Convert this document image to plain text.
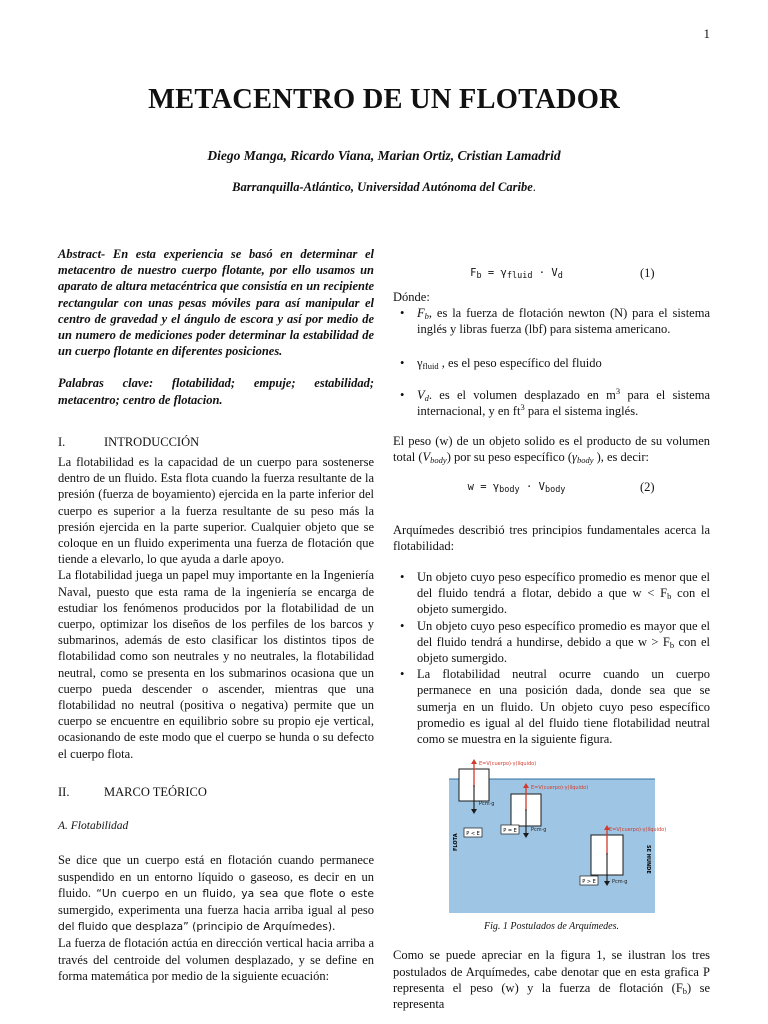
1
METACENTRO DE UN FLOTADOR
Diego Manga, Ricardo Viana, Marian Ortiz, Cristian Lamadrid
Barranquilla-Atlántico, Universidad Autónoma del Caribe.

Abstract- En esta experiencia se basó en determinar el metacentro de nuestro cuerpo flotante, por ello usamos un aparato de altura metacéntrica que consistía en un recipiente rectangular con unas pesas móviles para así manipular el centro de gravedad y el ángulo de escora y así por medio de un numero de mediciones poder determinar la estabilidad de un cuerpo flotante en diferentes posiciones.

Palabras clave: flotabilidad; empuje; estabilidad; metacentro; centro de flotacion.

I.	INTRODUCCIÓN

La flotabilidad es la capacidad de un cuerpo para sostenerse dentro de un fluido. Esta flota cuando la fuerza resultante de la presión (fuerza de boyamiento) ejercida en la parte inferior del cuerpo es superior a la fuerza resultante de su peso más la presión ejercida en la parte superior. Cualquier objeto que se coloque en un fluido experimenta una fuerza de flotación que tiende a elevarlo, lo que ayuda a darle apoyo.

La flotabilidad juega un papel muy importante en la Ingeniería Naval, puesto que esta rama de la ingeniería se encarga de estudiar los fenómenos producidos por la flotabilidad de un cuerpo, optimizar los diseños de los perfiles de los barcos y submarinos, además de esto clasificar los distintos tipos de flotabilidad como son neutrales y no neutrales, la flotabilidad neutral, como se presenta en los submarinos ocasiona que un cuerpo pueda descender o ascender, mientras que una flotabilidad no neutral (positiva o negativa) permite que un cuerpo se encuentre en equilibrio sobre su propio eje vertical, ocasionando de este modo que el cuerpo se hunda o su defecto el cuerpo flota.

II.	MARCO TEÓRICO

A. Flotabilidad

Se dice que un cuerpo está en flotación cuando permanece suspendido en un entorno líquido o gaseoso, es decir en un fluido. “Un cuerpo en un fluido, ya sea que flote o este sumergido, experimenta una fuerza hacia arriba igual al peso del fluido que desplaza” (principio de Arquímedes).

La fuerza de flotación actúa en dirección vertical hacia arriba a través del centroide del volumen desplazado, y se define en forma matemática por medio de la siguiente ecuación:

$F_b = \gamma_{fluid} \cdot V_d$	(1)

Dónde:

• $F_b$, es la fuerza de flotación newton (N) para el sistema inglés y libras fuerza (lbf) para sistema americano.
• $\gamma_{fluid}$ , es el peso específico del fluido
• $V_d$. es el volumen desplazado en $m^3$ para el sistema internacional, y en $ft^3$ para el sistema inglés.

El peso (w) de un objeto solido es el producto de su volumen total $(V_{body})$ por su peso específico ($\gamma_{body}$ ), es decir:

$w = \gamma_{body} \cdot V_{body}$	(2)

Arquímedes describió tres principios fundamentales acerca la flotabilidad:

• Un objeto cuyo peso específico promedio es menor que el del fluido tendrá a flotar, debido a que $w < F_b$ con el objeto sumergido.
• Un objeto cuyo peso específico promedio es mayor que el del fluido tendrá a hundirse, debido a que $w > F_b$ con el objeto sumergido.
• La flotabilidad neutral ocurre cuando un cuerpo permanece en una posición dada, donde sea que se sumerja en un fluido. Un objeto cuyo peso específico promedio es igual al del fluido tiene flotabilidad neutral como se muestra en la siguiente figura.
E=V(cuerpo)·γ(líquido)
Pcm·g
P < E
FLOTA
E=V(cuerpo)·γ(líquido)
Pcm·g
P = E	E=V(cuerpo)·γ(líquido)
Pcm·g
P > E
SE HUNDE

Fig. 1 Postulados de Arquímedes.

Como se puede apreciar en la figura 1, se ilustran los tres postulados de Arquímedes, cabe denotar que en esta grafica P representa el peso (w) y la fuerza de flotación $(F_b)$ se representa
